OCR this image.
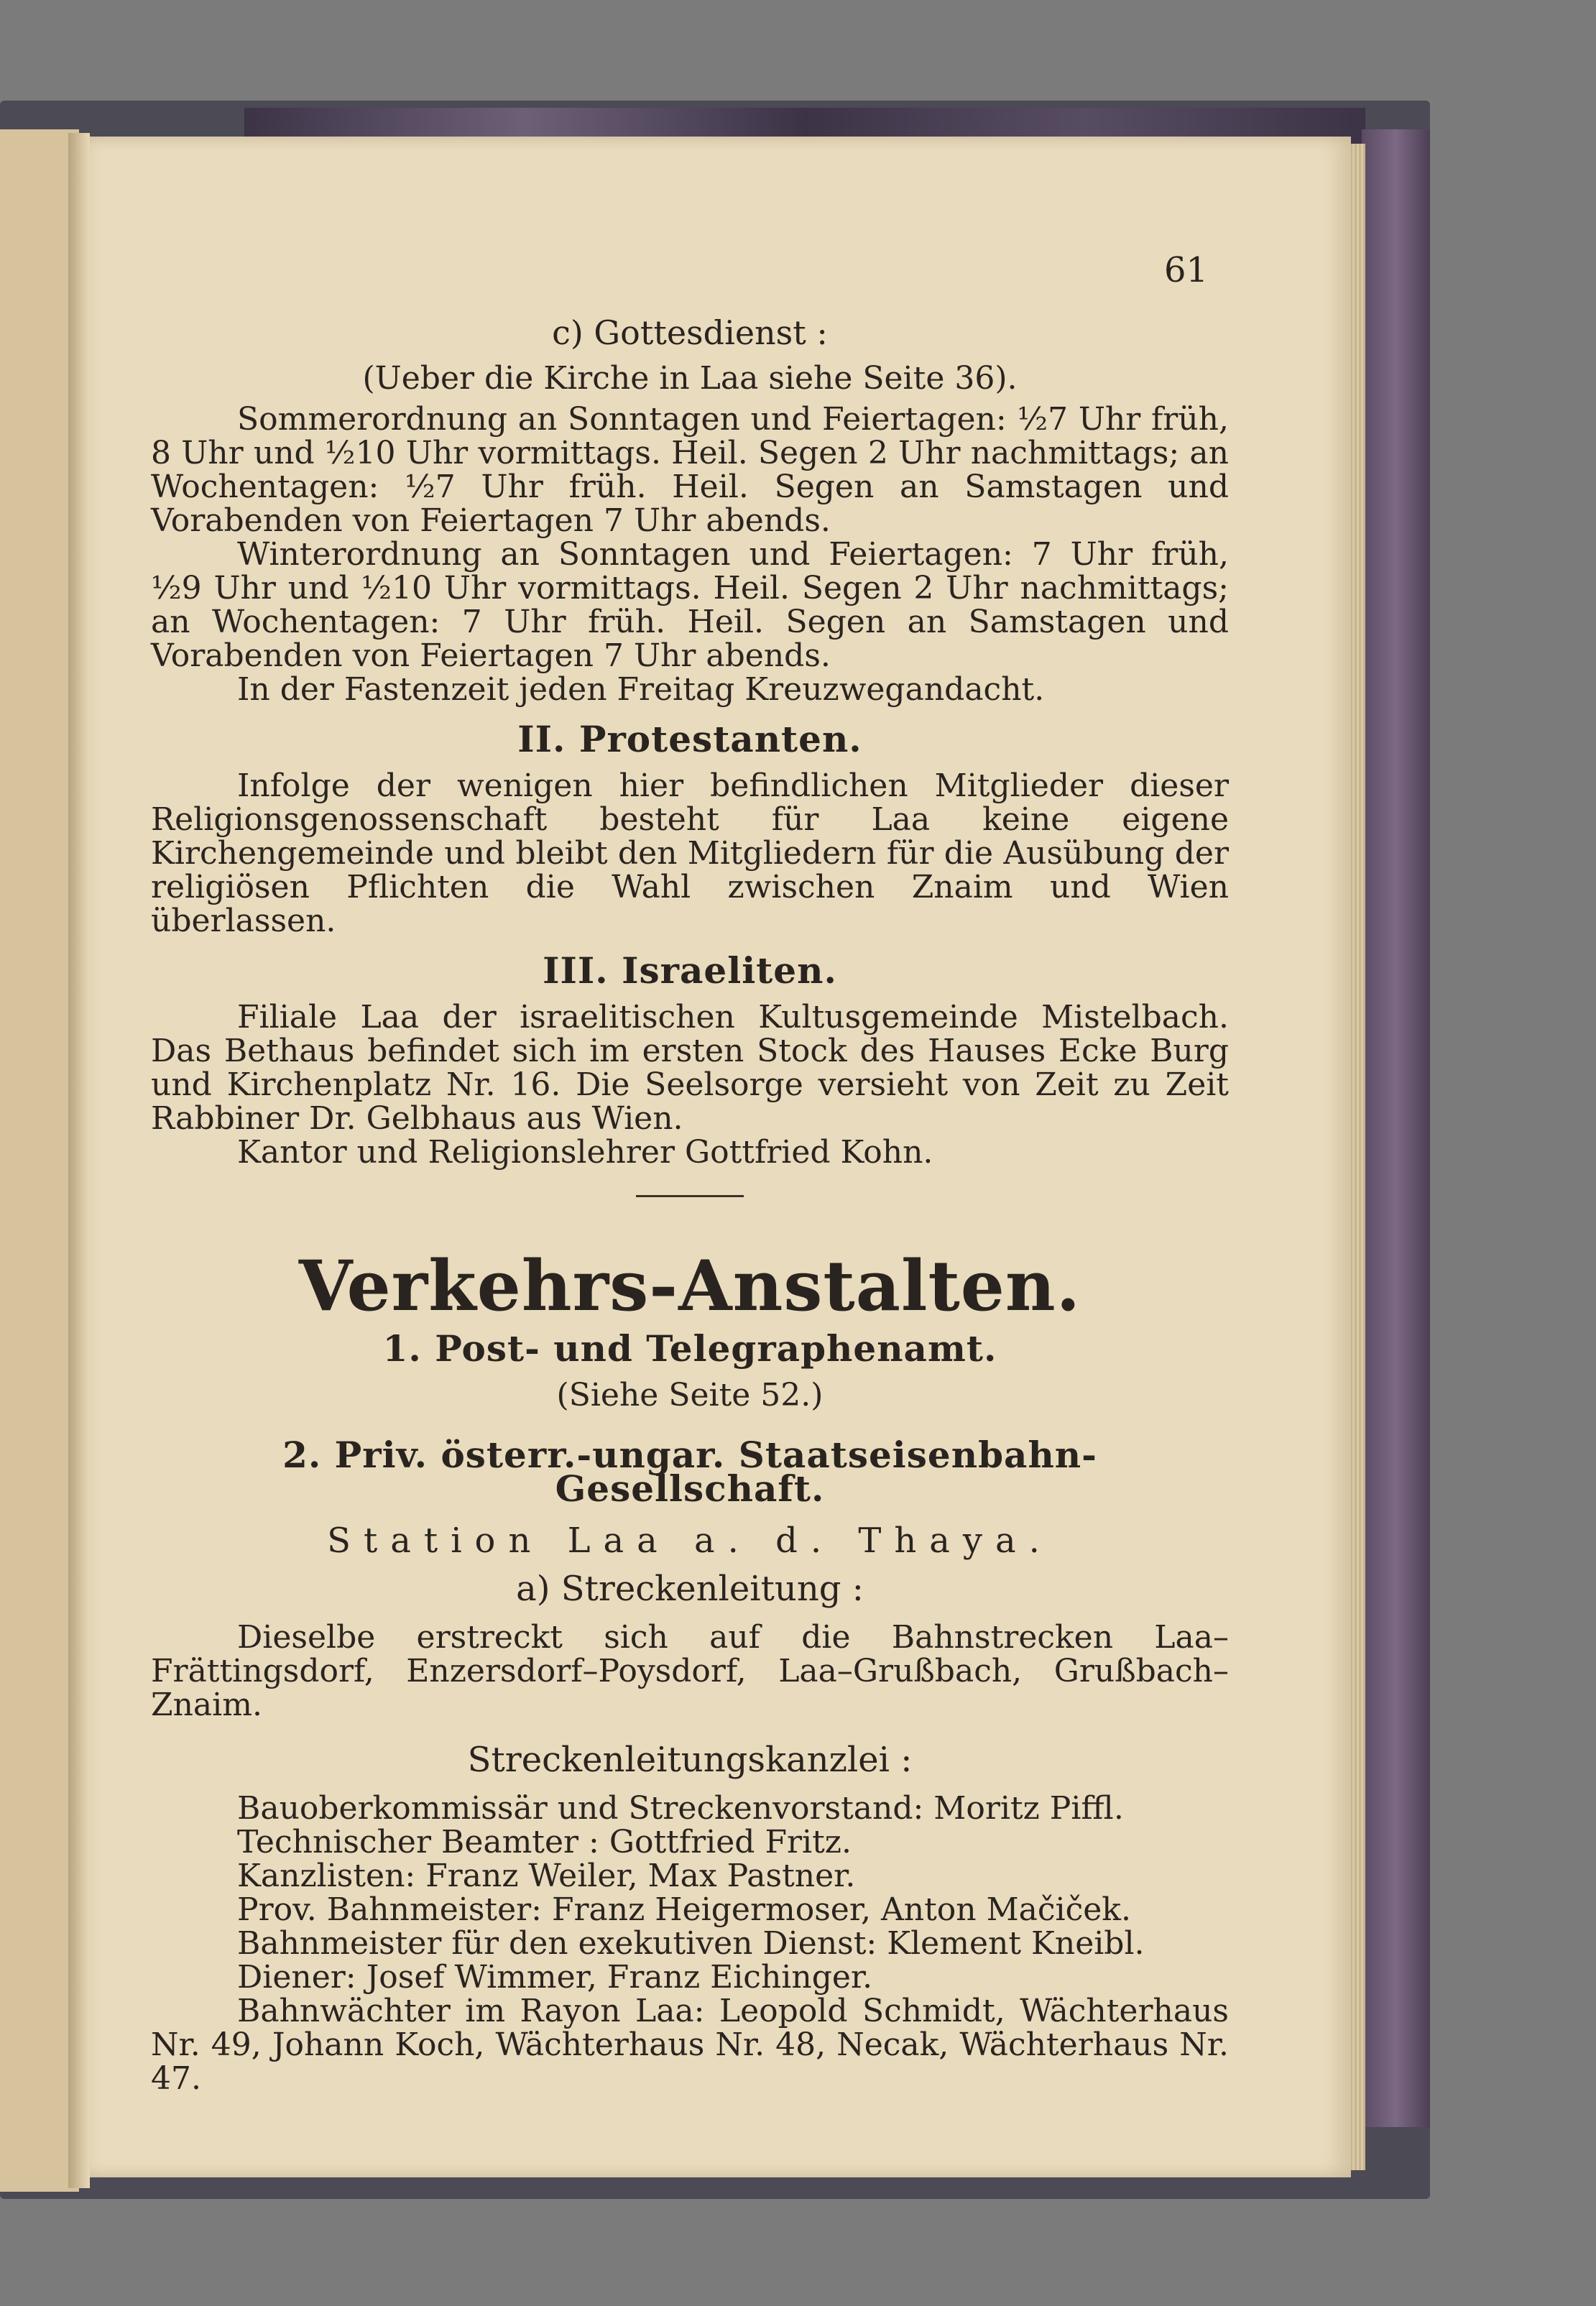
61
c) Gottesdienst :
(Ueber die Kirche in Laa siehe Seite 36).

Sommerordnung an Sonntagen und Feiertagen: ½7 Uhr früh, 8 Uhr und ½10 Uhr vormittags. Heil. Segen 2 Uhr nachmittags; an Wochentagen: ½7 Uhr früh. Heil. Segen an Samstagen und Vorabenden von Feiertagen 7 Uhr abends.

Winterordnung an Sonntagen und Feiertagen: 7 Uhr früh, ½9 Uhr und ½10 Uhr vormittags. Heil. Segen 2 Uhr nachmittags; an Wochentagen: 7 Uhr früh. Heil. Segen an Samstagen und Vorabenden von Feiertagen 7 Uhr abends.

In der Fastenzeit jeden Freitag Kreuzwegandacht.

II. Protestanten.

Infolge der wenigen hier befindlichen Mitglieder dieser Religionsgenossenschaft besteht für Laa keine eigene Kirchengemeinde und bleibt den Mitgliedern für die Ausübung der religiösen Pflichten die Wahl zwischen Znaim und Wien überlassen.

III. Israeliten.

Filiale Laa der israelitischen Kultusgemeinde Mistelbach. Das Bethaus befindet sich im ersten Stock des Hauses Ecke Burg und Kirchenplatz Nr. 16. Die Seelsorge versieht von Zeit zu Zeit Rabbiner Dr. Gelbhaus aus Wien.

Kantor und Religionslehrer Gottfried Kohn.

Verkehrs-Anstalten.
1. Post- und Telegraphenamt.
(Siehe Seite 52.)
2. Priv. österr.-ungar. Staatseisenbahn-Gesellschaft.
Station Laa a. d. Thaya.
a) Streckenleitung :

Dieselbe erstreckt sich auf die Bahnstrecken Laa–Frättingsdorf, Enzersdorf–Poysdorf, Laa–Grußbach, Grußbach–Znaim.

Streckenleitungskanzlei :
Bauoberkommissär und Streckenvorstand: Moritz Piffl.
Technischer Beamter : Gottfried Fritz.
Kanzlisten: Franz Weiler, Max Pastner.
Prov. Bahnmeister: Franz Heigermoser, Anton Mačiček.
Bahnmeister für den exekutiven Dienst: Klement Kneibl.
Diener: Josef Wimmer, Franz Eichinger.

Bahnwächter im Rayon Laa: Leopold Schmidt, Wächterhaus Nr. 49, Johann Koch, Wächterhaus Nr. 48, Necak, Wächterhaus Nr. 47.
